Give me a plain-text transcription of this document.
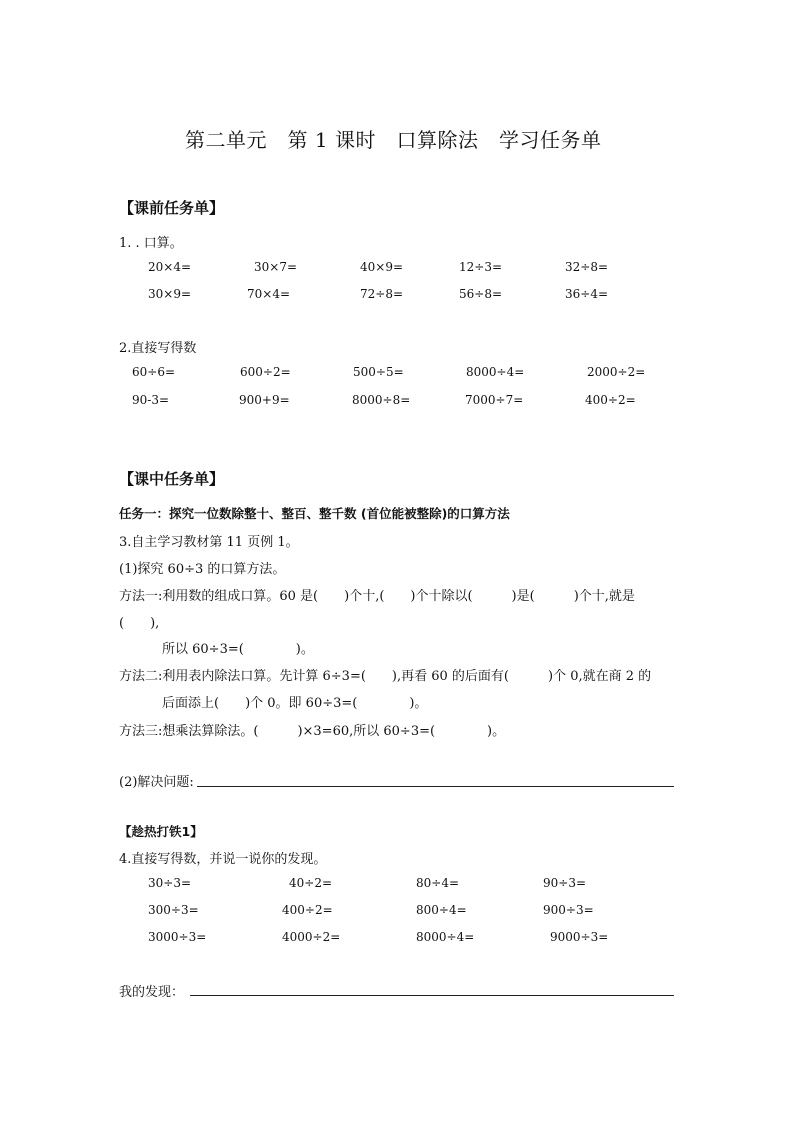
第二单元　第 1 课时　口算除法　学习任务单
【课前任务单】
1. . 口算。
20×4=	30×7=	40×9=	12÷3=	32÷8=
30×9=	70×4=	72÷8=	56÷8=	36÷4=
2.直接写得数
60÷6=	600÷2=	500÷5=	8000÷4=	2000÷2=
90-3=	900+9=	8000÷8=	7000÷7=	400÷2=
【课中任务单】
任务一：探究一位数除整十、整百、整千数 (首位能被整除)的口算方法
3.自主学习教材第 11 页例 1。
(1)探究 60÷3 的口算方法。
方法一:利用数的组成口算。60 是(　　)个十,(　　)个十除以(　　　)是(　　　)个十,就是
(　　),
所以 60÷3=(　　　　)。
方法二:利用表内除法口算。先计算 6÷3=(　　),再看 60 的后面有(　　　)个 0,就在商 2 的
后面添上(　　)个 0。即 60÷3=(　　　　)。
方法三:想乘法算除法。(　　　)×3=60,所以 60÷3=(　　　　)。
(2)解决问题:
【趁热打铁1】
4.直接写得数，并说一说你的发现。
30÷3=	40÷2=	80÷4=	90÷3=
300÷3=	400÷2=	800÷4=	900÷3=
3000÷3=	4000÷2=	8000÷4=	9000÷3=
我的发现：
